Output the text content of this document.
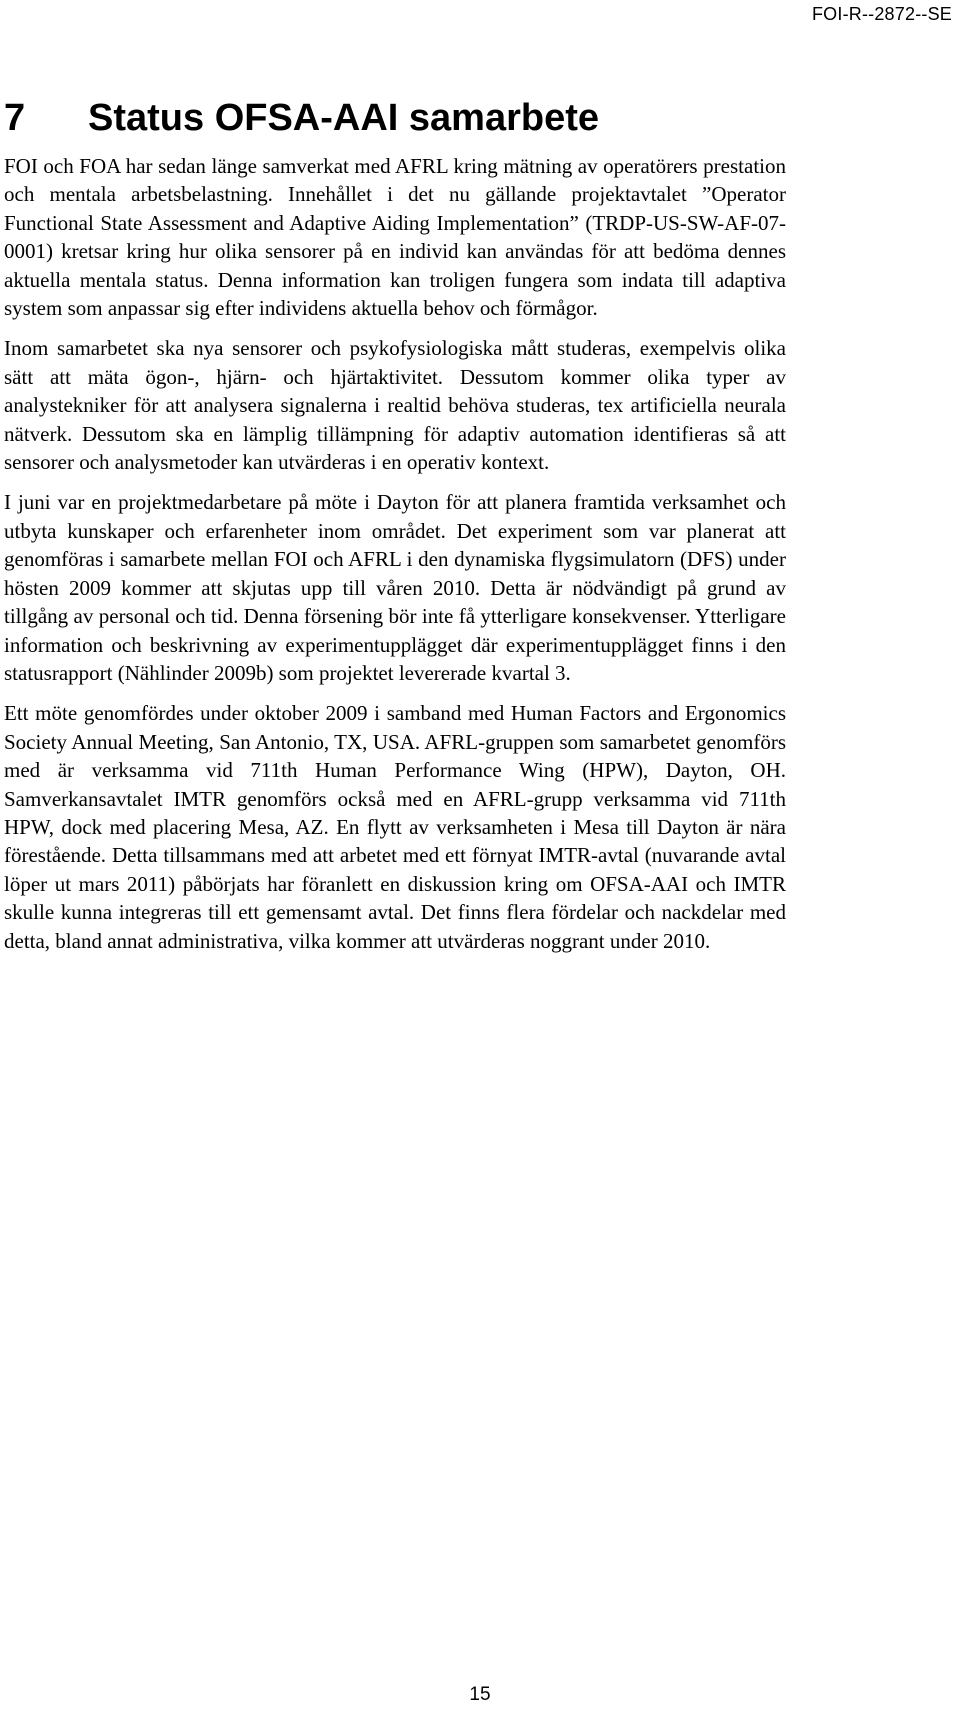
FOI-R--2872--SE
7 Status OFSA-AAI samarbete

FOI och FOA har sedan länge samverkat med AFRL kring mätning av operatörers prestation och mentala arbetsbelastning. Innehållet i det nu gällande projektavtalet ”Operator Functional State Assessment and Adaptive Aiding Implementation” (TRDP-US-SW-AF-07-0001) kretsar kring hur olika sensorer på en individ kan användas för att bedöma dennes aktuella mentala status. Denna information kan troligen fungera som indata till adaptiva system som anpassar sig efter individens aktuella behov och förmågor.

Inom samarbetet ska nya sensorer och psykofysiologiska mått studeras, exempelvis olika sätt att mäta ögon-, hjärn- och hjärtaktivitet. Dessutom kommer olika typer av analystekniker för att analysera signalerna i realtid behöva studeras, tex artificiella neurala nätverk. Dessutom ska en lämplig tillämpning för adaptiv automation identifieras så att sensorer och analysmetoder kan utvärderas i en operativ kontext.

I juni var en projektmedarbetare på möte i Dayton för att planera framtida verksamhet och utbyta kunskaper och erfarenheter inom området. Det experiment som var planerat att genomföras i samarbete mellan FOI och AFRL i den dynamiska flygsimulatorn (DFS) under hösten 2009 kommer att skjutas upp till våren 2010. Detta är nödvändigt på grund av tillgång av personal och tid. Denna försening bör inte få ytterligare konsekvenser. Ytterligare information och beskrivning av experimentupplägget där experimentupplägget finns i den statusrapport (Nählinder 2009b) som projektet levererade kvartal 3.

Ett möte genomfördes under oktober 2009 i samband med Human Factors and Ergonomics Society Annual Meeting, San Antonio, TX, USA. AFRL-gruppen som samarbetet genomförs med är verksamma vid 711th Human Performance Wing (HPW), Dayton, OH. Samverkansavtalet IMTR genomförs också med en AFRL-grupp verksamma vid 711th HPW, dock med placering Mesa, AZ. En flytt av verksamheten i Mesa till Dayton är nära förestående. Detta tillsammans med att arbetet med ett förnyat IMTR-avtal (nuvarande avtal löper ut mars 2011) påbörjats har föranlett en diskussion kring om OFSA-AAI och IMTR skulle kunna integreras till ett gemensamt avtal. Det finns flera fördelar och nackdelar med detta, bland annat administrativa, vilka kommer att utvärderas noggrant under 2010.

15
